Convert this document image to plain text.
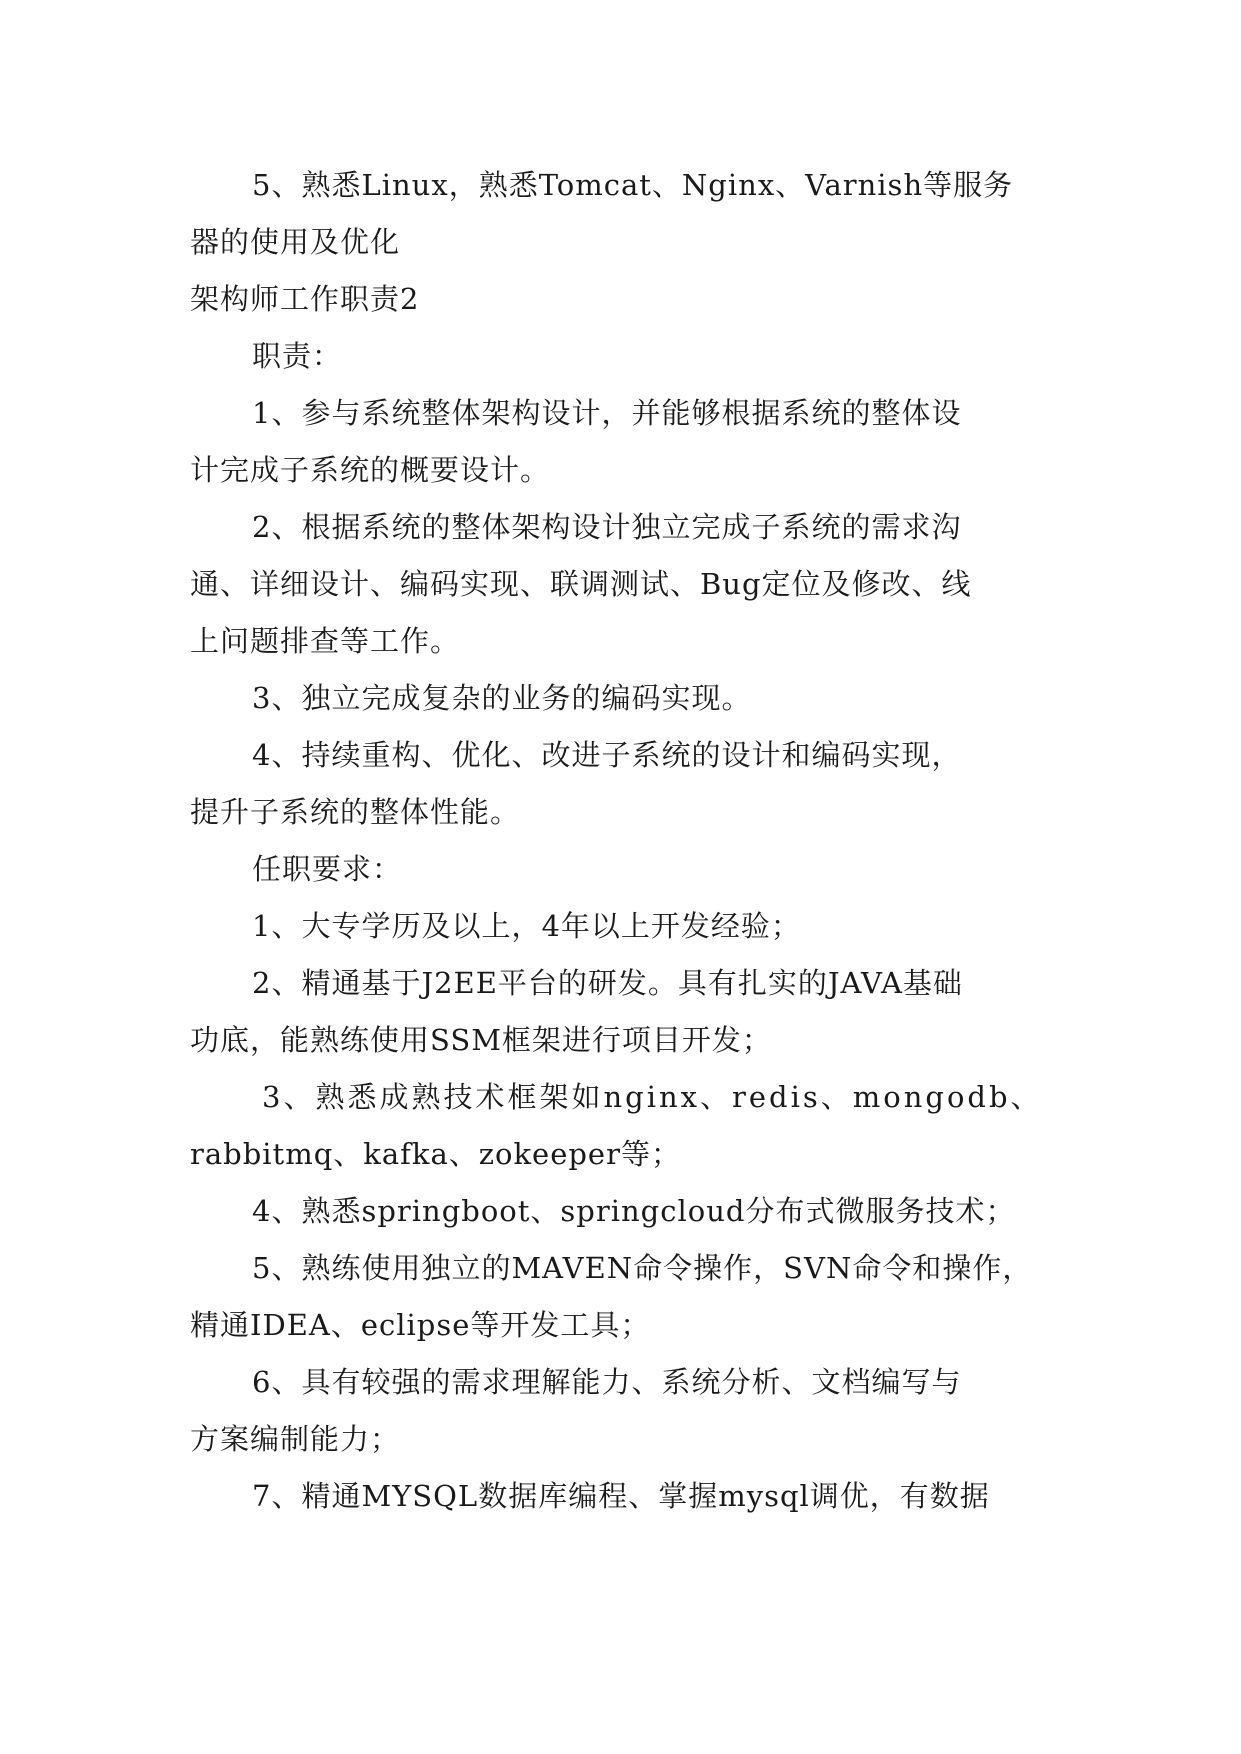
5、熟悉Linux，熟悉Tomcat、Nginx、Varnish等服务
器的使用及优化
架构师工作职责2
职责：
1、参与系统整体架构设计，并能够根据系统的整体设
计完成子系统的概要设计。
2、根据系统的整体架构设计独立完成子系统的需求沟
通、详细设计、编码实现、联调测试、Bug定位及修改、线
上问题排查等工作。
3、独立完成复杂的业务的编码实现。
4、持续重构、优化、改进子系统的设计和编码实现，
提升子系统的整体性能。
任职要求：
1、大专学历及以上，4年以上开发经验；
2、精通基于J2EE平台的研发。具有扎实的JAVA基础
功底，能熟练使用SSM框架进行项目开发；
3、熟悉成熟技术框架如nginx、redis、mongodb、
rabbitmq、kafka、zokeeper等；
4、熟悉springboot、springcloud分布式微服务技术；
5、熟练使用独立的MAVEN命令操作，SVN命令和操作，
精通IDEA、eclipse等开发工具；
6、具有较强的需求理解能力、系统分析、文档编写与
方案编制能力；
7、精通MYSQL数据库编程、掌握mysql调优，有数据
